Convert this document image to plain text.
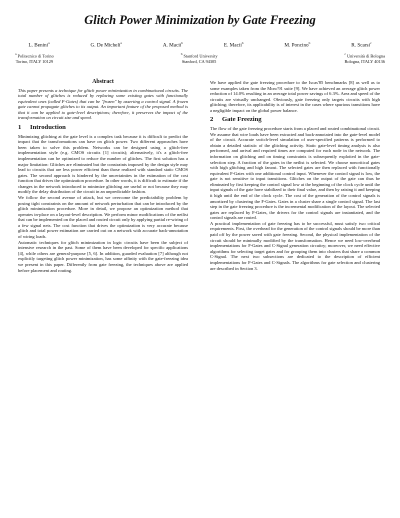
Glitch Power Minimization by Gate Freezing
L. Benini$^a$	G. De Micheli$^a$	A. Macii$^b$	E. Macii$^b$	M. Poncino$^b$	R. Scarsi$^c$
$^a$ Politecnico di Torino
Torino, ITALY 10129
$^b$ Stanford University
Stanford, CA 94305
$^c$ Università di Bologna
Bologna, ITALY 40136
Abstract

This paper presents a technique for glitch power minimization in combinational circuits. The total number of glitches is reduced by replacing some existing gates with functionally equivalent ones (called F-Gates) that can be "frozen" by asserting a control signal. A frozen gate cannot propagate glitches to its output. An important feature of the proposed method is that it can be applied to gate-level descriptions; therefore, it preserves the impact of the transformation on circuit size and speed.

1 Introduction

Minimizing glitching at the gate level is a complex task because it is difficult to predict the impact that the transformations can have on glitch power. Two different approaches have been taken to solve this problem. Networks can be designed using a glitch-free implementation style (e.g. CMOS circuits [1] circuits); alternatively, it's a glitch-free implementation can be optimized to reduce the number of glitches. The first solution has a major limitation: Glitches are eliminated but the constraints imposed by the design style may lead to circuits that are less power efficient than those realized with standard static CMOS gates. The second approach is hindered by the uncertainties in the estimation of the cost function that drives the optimization procedure. In other words, it is difficult to estimate if the changes in the network introduced to minimize glitching are useful or not because they may modify the delay distribution of the circuit in an unpredictable fashion.

We follow the second avenue of attack, but we overcome the predictability problem by posing tight constraints on the amount of network perturbation that can be introduced by the glitch minimization procedure. More in detail, we propose an optimization method that operates in-place on a layout-level description. We perform minor modifications of the netlist that can be implemented on the placed and routed circuit only by applying partial re-wiring of a few signal nets. The cost function that drives the optimization is very accurate because glitch and total power estimation are carried out on a network with accurate back-annotation of wiring loads.

Automatic techniques for glitch minimization in logic circuits have been the subject of intensive research in the past. Some of them have been developed for specific applications [4], while others are general-purpose [5, 6]. In addition, guarded evaluation [7] although not explicitly targeting glitch power minimization, has some affinity with the gate-freezing idea we present in this paper. Differently from gate freezing, the techniques above are applied before placement and routing.

We have applied the gate freezing procedure to the Iscas'85 benchmarks [8] as well as to some examples taken from the Mcnc'91 suite [9]. We have achieved an average glitch power reduction of 14.0% resulting in an average total power savings of 6.3%. Area and speed of the circuits are virtually unchanged. Obviously, gate freezing only targets circuits with high glitching; therefore, its applicability is of interest in the cases where spurious transitions have a negligible impact on the global power balance.

2 Gate Freezing

The flow of the gate freezing procedure starts from a placed and routed combinational circuit. We assume that wire loads have been extracted and back-annotated into the gate-level model of the circuit. Accurate switch-level simulation of user-specified patterns is performed to obtain a detailed statistic of the glitching activity. Static gate-level timing analysis is also performed, and arrival and required times are computed for each node in the network. The information on glitching and on timing constraints is subsequently exploited in the gate-selection step. A fraction of the gates in the netlist is selected. We choose noncritical gates with high glitching and high fanout. The selected gates are then replaced with functionally equivalent F-Gates with one additional control input. Whenever the control signal is low, the gate is not sensitive to input transitions. Glitches on the output of the gate can thus be eliminated by first keeping the control signal low at the beginning of the clock cycle until the input signals of the gate have stabilized to their final value, and then by raising it and keeping it high until the end of the clock cycle. The cost of the generation of the control signals is amortized by clustering the F-Gates. Gates in a cluster share a single control signal. The last step in the gate freezing procedure is the incremental modification of the layout. The selected gates are replaced by F-Gates, the drivers for the control signals are instantiated, and the control signals are routed.

A practical implementation of gate freezing has to be successful, must satisfy two critical requirements. First, the overhead for the generation of the control signals should be more than paid off by the power saved with gate freezing. Second, the physical implementation of the circuit should be minimally modified by the transformation. Hence we need low-overhead implementations for F-Gates and C-Signal generation circuitry; moreover, we need effective algorithms for selecting target gates and for grouping them into clusters that share a common C-Signal. The next two subsections are dedicated to the description of efficient implementations for F-Gates and C-Signals. The algorithms for gate selection and clustering are described in Section 3.
